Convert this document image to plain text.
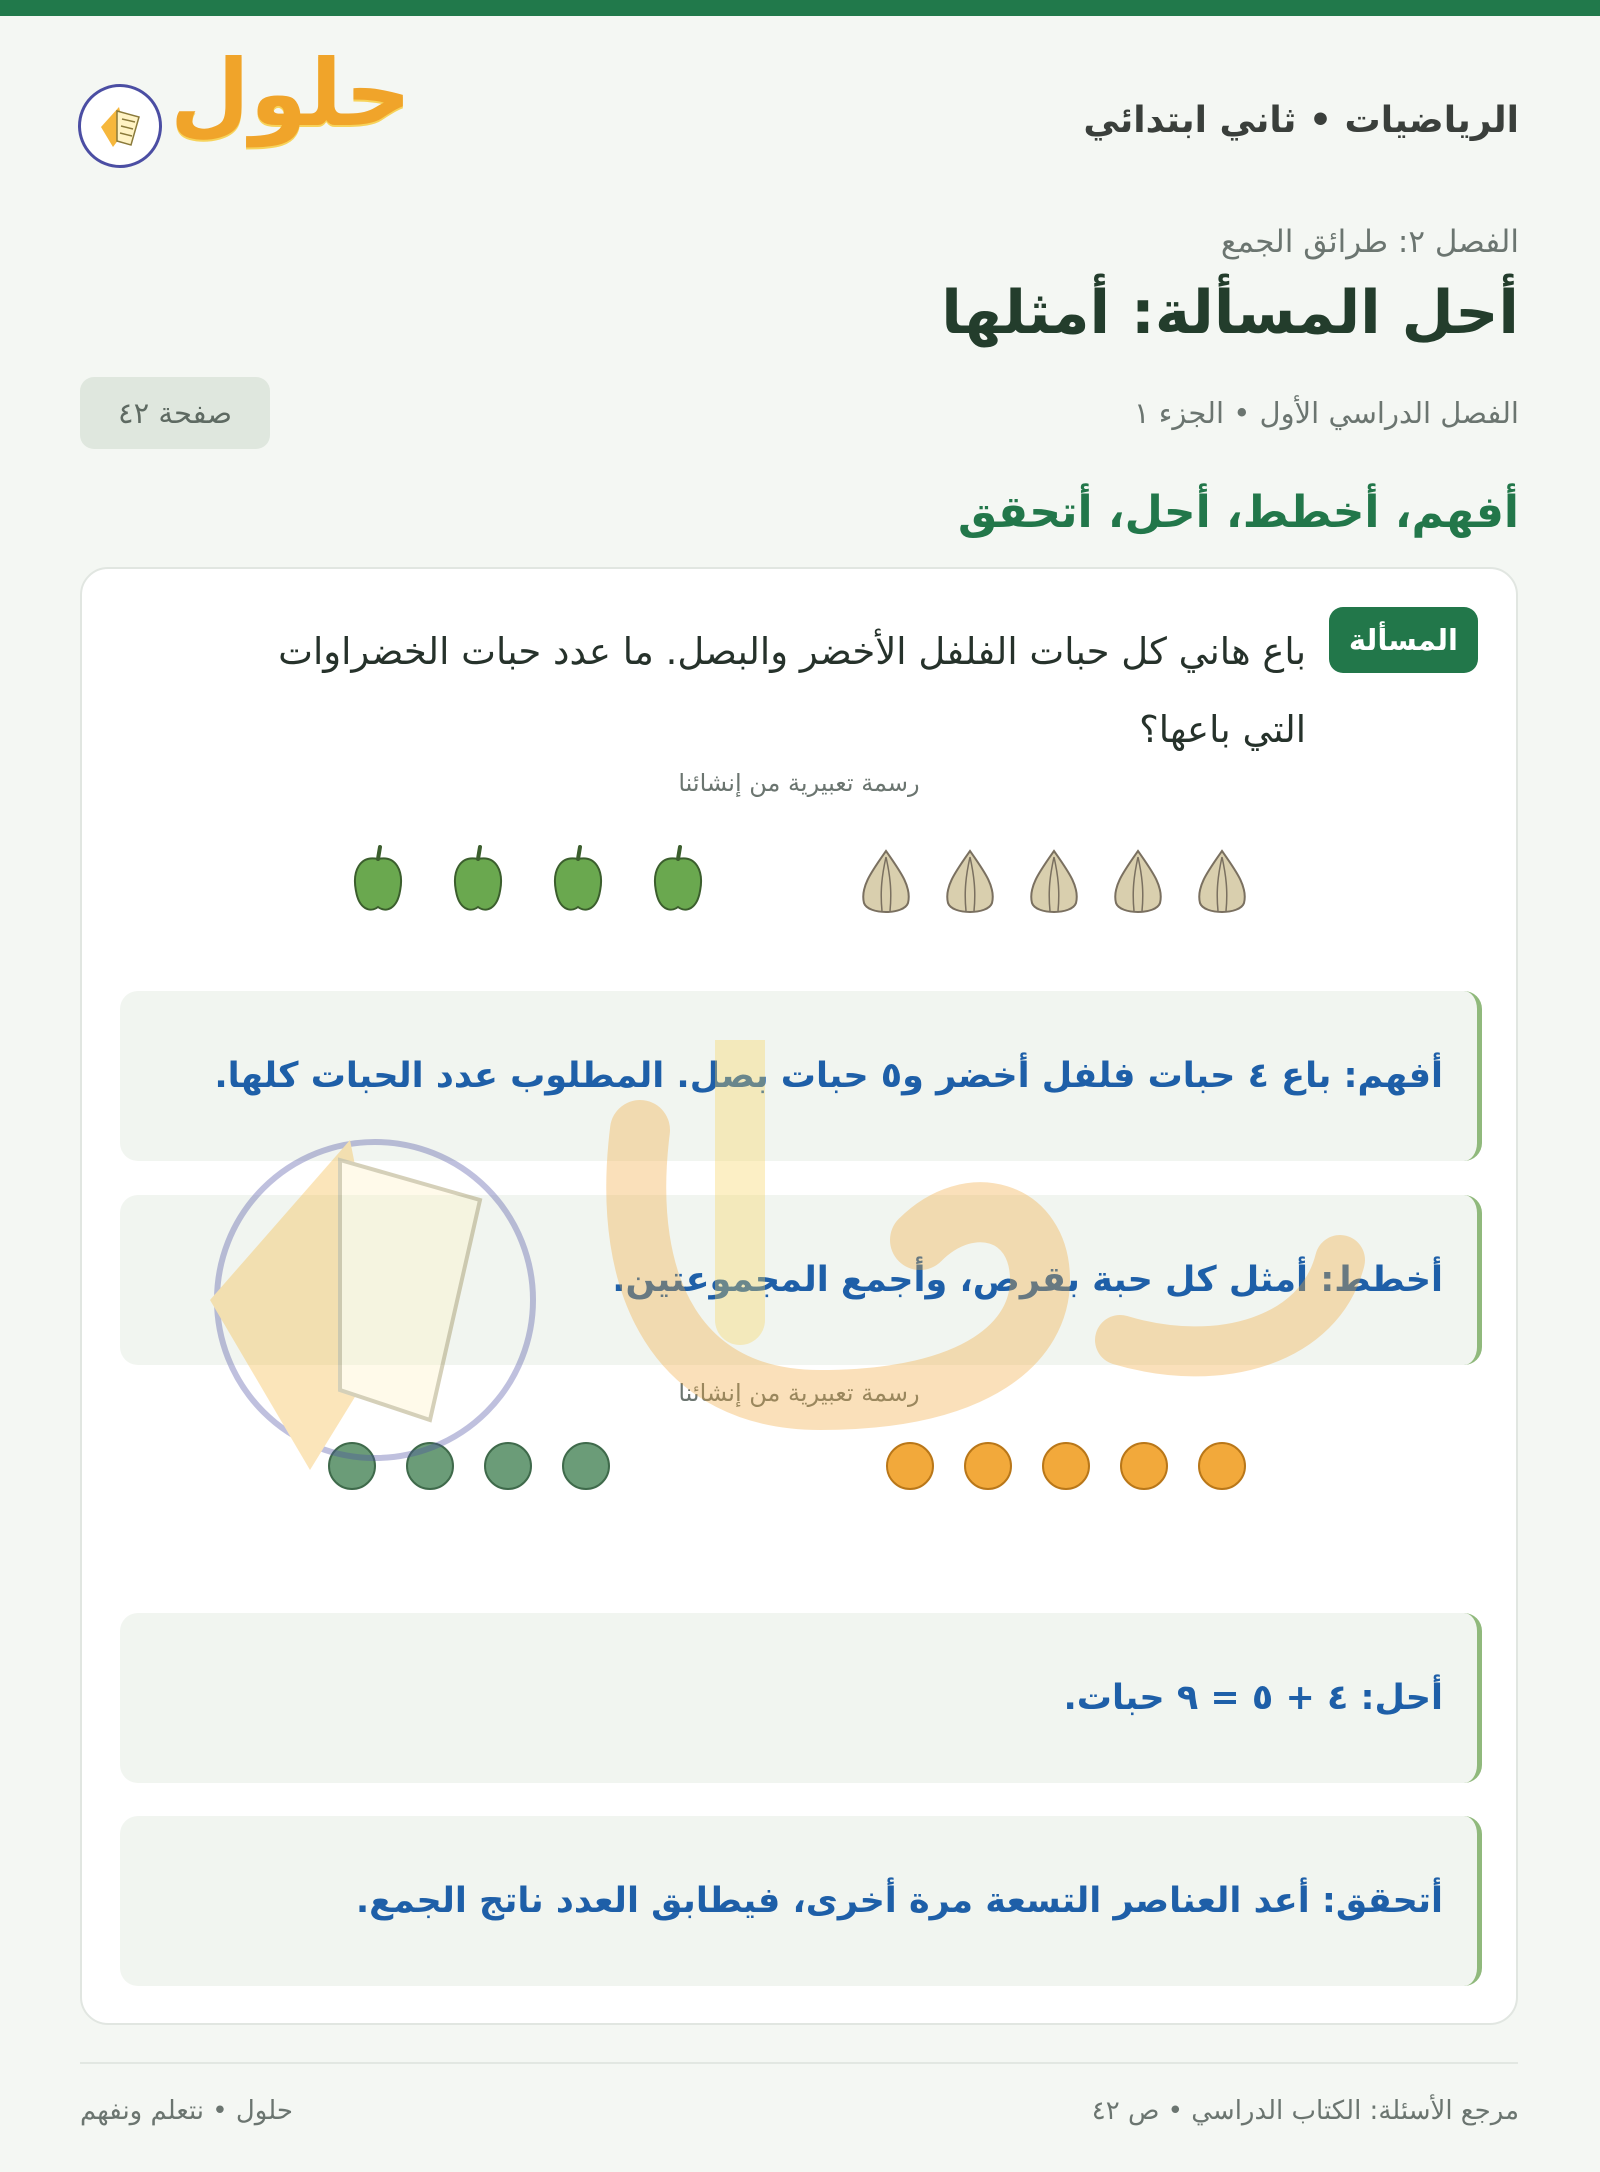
الرياضيات • ثاني ابتدائي
حلول
الفصل ٢: طرائق الجمع
أحل المسألة: أمثلها
الفصل الدراسي الأول • الجزء ١
صفحة ٤٢
أفهم، أخطط، أحل، أتحقق
المسألة
باع هاني كل حبات الفلفل الأخضر والبصل. ما عدد حبات الخضراوات التي باعها؟
رسمة تعبيرية من إنشائنا
أفهم: باع ٤ حبات فلفل أخضر و٥ حبات بصل. المطلوب عدد الحبات كلها.
أخطط: أمثل كل حبة بقرص، وأجمع المجموعتين.
رسمة تعبيرية من إنشائنا
أحل: ٤ + ٥ = ٩ حبات.
أتحقق: أعد العناصر التسعة مرة أخرى، فيطابق العدد ناتج الجمع.
مرجع الأسئلة: الكتاب الدراسي • ص ٤٢
حلول • نتعلم ونفهم
